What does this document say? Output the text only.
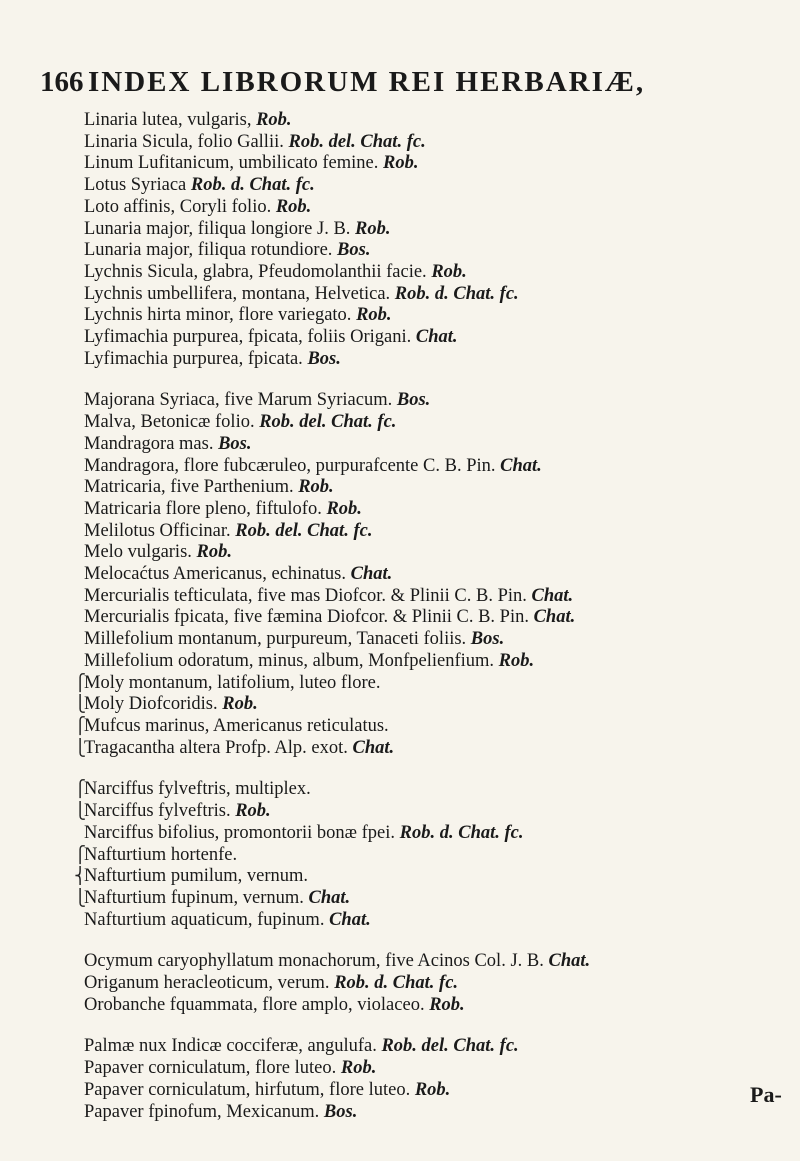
166 INDEX LIBRORUM REI HERBARIÆ,
Linaria lutea, vulgaris, Rob.
Linaria Sicula, folio Gallii. Rob. del. Chat. fc.
Linum Lufitanicum, umbilicato femine. Rob.
Lotus Syriaca Rob. d. Chat. fc.
Loto affinis, Coryli folio. Rob.
Lunaria major, filiqua longiore J. B. Rob.
Lunaria major, filiqua rotundiore. Bos.
Lychnis Sicula, glabra, Pfeudomolanthii facie. Rob.
Lychnis umbellifera, montana, Helvetica. Rob. d. Chat. fc.
Lychnis hirta minor, flore variegato. Rob.
Lyfimachia purpurea, fpicata, foliis Origani. Chat.
Lyfimachia purpurea, fpicata. Bos.
Majorana Syriaca, five Marum Syriacum. Bos.
Malva, Betonicæ folio. Rob. del. Chat. fc.
Mandragora mas. Bos.
Mandragora, flore fubcæruleo, purpurafcente C. B. Pin. Chat.
Matricaria, five Parthenium. Rob.
Matricaria flore pleno, fiftulofo. Rob.
Melilotus Officinar. Rob. del. Chat. fc.
Melo vulgaris. Rob.
Melocaćtus Americanus, echinatus. Chat.
Mercurialis tefticulata, five mas Diofcor. & Plinii C. B. Pin. Chat.
Mercurialis fpicata, five fæmina Diofcor. & Plinii C. B. Pin. Chat.
Millefolium montanum, purpureum, Tanaceti foliis. Bos.
Millefolium odoratum, minus, album, Monfpelienfium. Rob.
⎧
Moly montanum, latifolium, luteo flore.
⎩
Moly Diofcoridis. Rob.
⎧
Mufcus marinus, Americanus reticulatus.
⎩
Tragacantha altera Profp. Alp. exot. Chat.
⎧
Narciffus fylveftris, multiplex.
⎩
Narciffus fylveftris. Rob.
Narciffus bifolius, promontorii bonæ fpei. Rob. d. Chat. fc.
⎧
Nafturtium hortenfe.
⎨
Nafturtium pumilum, vernum.
⎩
Nafturtium fupinum, vernum. Chat.
Nafturtium aquaticum, fupinum. Chat.
Ocymum caryophyllatum monachorum, five Acinos Col. J. B. Chat.
Origanum heracleoticum, verum. Rob. d. Chat. fc.
Orobanche fquammata, flore amplo, violaceo. Rob.
Palmæ nux Indicæ cocciferæ, angulufa. Rob. del. Chat. fc.
Papaver corniculatum, flore luteo. Rob.
Papaver corniculatum, hirfutum, flore luteo. Rob.
Papaver fpinofum, Mexicanum. Bos.
Pa-
